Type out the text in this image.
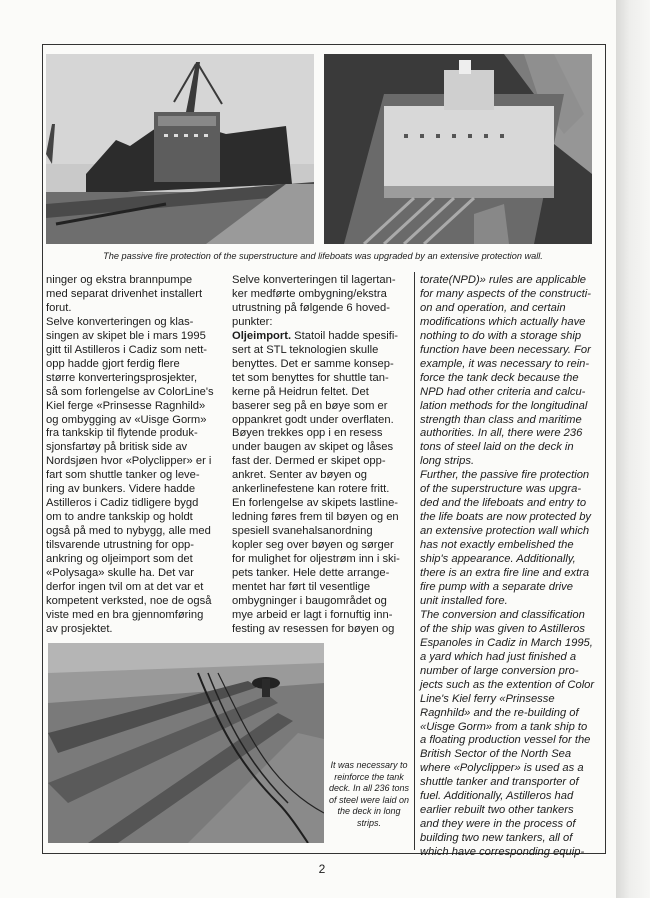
The passive fire protection of the superstructure and lifeboats was upgraded by an extensive protection wall.

ninger og ekstra brannpumpe
med separat drivenhet installert
forut.
Selve konverteringen og klas-
singen av skipet ble i mars 1995
gitt til Astilleros i Cadiz som nett-
opp hadde gjort ferdig flere
større konverteringsprosjekter,
så som forlengelse av ColorLine's
Kiel ferge «Prinsesse Ragnhild»
og ombygging av «Uisge Gorm»
fra tankskip til flytende produk-
sjonsfartøy på britisk side av
Nordsjøen hvor «Polyclipper» er i
fart som shuttle tanker og leve-
ring av bunkers. Videre hadde
Astilleros i Cadiz tidligere bygd
om to andre tankskip og holdt
også på med to nybygg, alle med
tilsvarende utrustning for opp-
ankring og oljeimport som det
«Polysaga» skulle ha. Det var
derfor ingen tvil om at det var et
kompetent verksted, noe de også
viste med en bra gjennomføring
av prosjektet.

Selve konverteringen til lagertan-
ker medførte ombygning/ekstra
utrustning på følgende 6 hoved-
punkter:
Oljeimport. Statoil hadde spesifi-
sert at STL teknologien skulle
benyttes. Det er samme konsep-
tet som benyttes for shuttle tan-
kerne på Heidrun feltet. Det
baserer seg på en bøye som er
oppankret godt under overflaten.
Bøyen trekkes opp i en resess
under baugen av skipet og låses
fast der. Dermed er skipet opp-
ankret. Senter av bøyen og
ankerlinefestene kan rotere fritt.
En forlengelse av skipets lastline-
ledning føres frem til bøyen og en
spesiell svanehalsanordning
kopler seg over bøyen og sørger
for mulighet for oljestrøm inn i ski-
pets tanker. Hele dette arrange-
mentet har ført til vesentlige
ombygninger i baugområdet og
mye arbeid er lagt i fornuftig inn-
festing av resessen for bøyen og

torate(NPD)» rules are applicable
for many aspects of the constructi-
on and operation, and certain
modifications which actually have
nothing to do with a storage ship
function have been necessary. For
example, it was necessary to rein-
force the tank deck because the
NPD had other criteria and calcu-
lation methods for the longitudinal
strength than class and maritime
authorities. In all, there were 236
tons of steel laid on the deck in
long strips.
Further, the passive fire protection
of the superstructure was upgra-
ded and the lifeboats and entry to
the life boats are now protected by
an extensive protection wall which
has not exactly embelished the
ship's appearance. Additionally,
there is an extra fire line and extra
fire pump with a separate drive
unit installed fore.
The conversion and classification
of the ship was given to Astilleros
Espanoles in Cadiz in March 1995,
a yard which had just finished a
number of large conversion pro-
jects such as the extention of Color
Line's Kiel ferry «Prinsesse
Ragnhild» and the re-building of
«Uisge Gorm» from a tank ship to
a floating production vessel for the
British Sector of the North Sea
where «Polyclipper» is used as a
shuttle tanker and transporter of
fuel. Additionally, Astilleros had
earlier rebuilt two other tankers
and they were in the process of
building two new tankers, all of
which have corresponding equip-

It was necessary to reinforce the tank deck. In all 236 tons of steel were laid on the deck in long strips.
2
